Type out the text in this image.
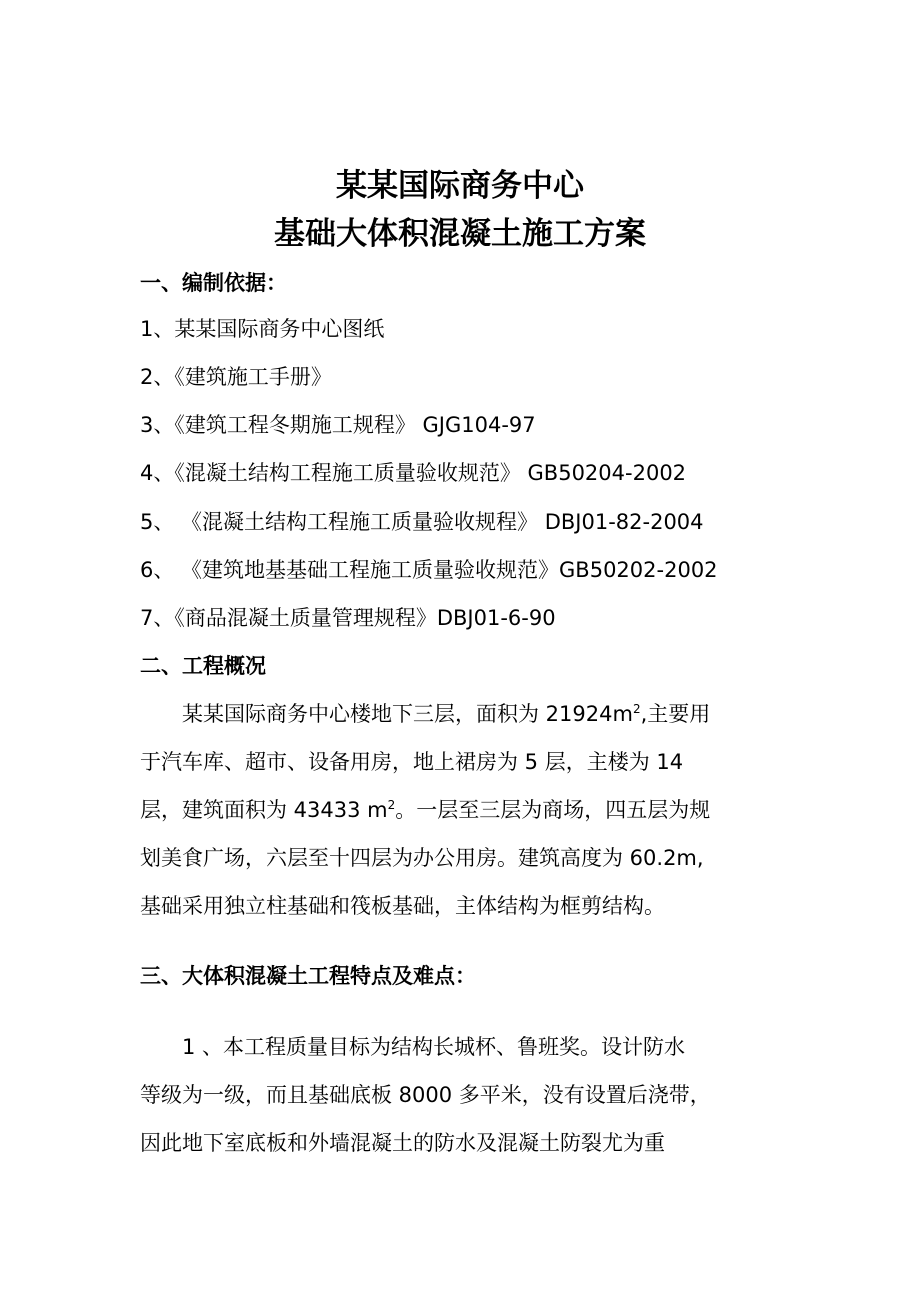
某某国际商务中心
基础大体积混凝土施工方案
一、编制依据：
1、某某国际商务中心图纸
2、《建筑施工手册》
3、《建筑工程冬期施工规程》 GJG104-97
4、《混凝土结构工程施工质量验收规范》 GB50204-2002
5、 《混凝土结构工程施工质量验收规程》 DBJ01-82-2004
6、 《建筑地基基础工程施工质量验收规范》GB50202-2002
7、《商品混凝土质量管理规程》DBJ01-6-90
二、工程概况
某某国际商务中心楼地下三层，面积为 $21924m^2$,主要用
于汽车库、超市、设备用房，地上裙房为 5 层，主楼为 14
层，建筑面积为 43433 $m^2$。一层至三层为商场，四五层为规
划美食广场，六层至十四层为办公用房。建筑高度为 60.2m,
基础采用独立柱基础和筏板基础，主体结构为框剪结构。
三、大体积混凝土工程特点及难点：
1 、本工程质量目标为结构长城杯、鲁班奖。设计防水
等级为一级，而且基础底板 8000 多平米，没有设置后浇带，
因此地下室底板和外墙混凝土的防水及混凝土防裂尤为重
